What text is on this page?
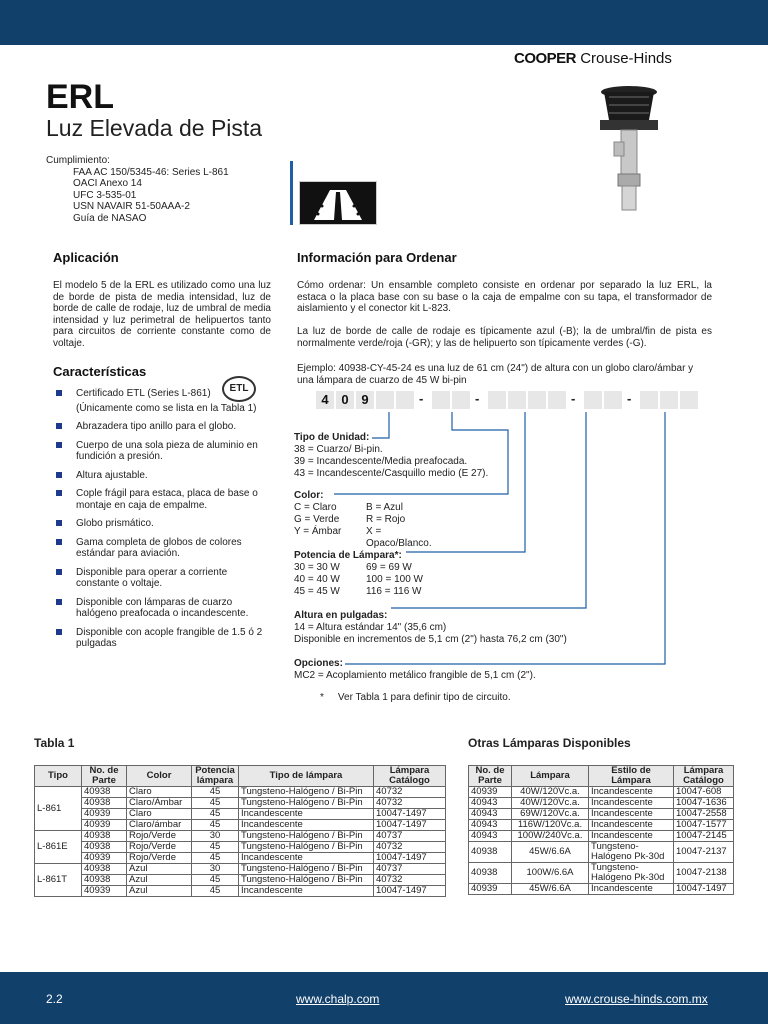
COOPER Crouse-Hinds
ERL
Luz Elevada de Pista
Cumplimiento:
FAA AC 150/5345-46: Series L-861
OACI Anexo 14
UFC 3-535-01
USN NAVAIR 51-50AAA-2
Guía de NASAO
Aplicación
El modelo 5 de la ERL es utilizado como una luz de borde de pista de media intensidad, luz de borde de calle de rodaje, luz de umbral de media intensidad y luz perimetral de helipuertos tanto para circuitos de corriente constante como de voltaje.
Características
ETL
Certificado ETL (Series L-861)
(Únicamente como se lista en la Tabla 1)
Abrazadera tipo anillo para el globo.
Cuerpo de una sola pieza de aluminio en fundición a presión.
Altura ajustable.
Cople frágil para estaca, placa de base o montaje en caja de empalme.
Globo prismático.
Gama completa de globos de colores estándar para aviación.
Disponible para operar a corriente constante o voltaje.
Disponible con lámparas de cuarzo halógeno preafocada o incandescente.
Disponible con acople frangible de 1.5 ó 2 pulgadas
Información para Ordenar
Cómo ordenar: Un ensamble completo consiste en ordenar por separado la luz ERL, la estaca o la placa base con su base o la caja de empalme con su tapa, el transformador de aislamiento y el conector kit L-823.
La luz de borde de calle de rodaje es típicamente azul (-B); la de umbral/fin de pista es normalmente verde/roja (-GR); y las de helipuerto son típicamente verdes (-G).
Ejemplo: 40938-CY-45-24 es una luz de 61 cm (24") de altura con un globo claro/ámbar y una lámpara de cuarzo de 45 W bi-pin
4 0 9	-	-	-	-
Tipo de Unidad:
38 = Cuarzo/ Bi-pin.
39 = Incandescente/Media preafocada.
43 = Incandescente/Casquillo medio (E 27).
Color:
C = Claro
G = Verde
Y = Ámbar
B = Azul
R = Rojo
X = Opaco/Blanco.
Potencia de Lámpara*:
30 = 30 W
40 = 40 W
45 = 45 W
69 = 69 W
100 = 100 W
116 = 116 W
Altura en pulgadas:
14 = Altura estándar 14" (35,6 cm)
Disponible en incrementos de 5,1 cm (2") hasta 76,2 cm (30")
Opciones:
MC2 = Acoplamiento metálico frangible de 5,1 cm (2").
* Ver Tabla 1 para definir tipo de circuito.
Tabla 1	Otras Lámparas Disponibles
Tipo	No. de Parte	Color	Potencia lámpara	Tipo de lámpara	Lámpara Catálogo
L-861	40938	Claro	45	Tungsteno-Halógeno / Bi-Pin	40732
	40938	Claro/Ámbar	45	Tungsteno-Halógeno / Bi-Pin	40732
	40939	Claro	45	Incandescente	10047-1497
	40939	Claro/ámbar	45	Incandescente	10047-1497
L-861E	40938	Rojo/Verde	30	Tungsteno-Halógeno / Bi-Pin	40737
	40938	Rojo/Verde	45	Tungsteno-Halógeno / Bi-Pin	40732
	40939	Rojo/Verde	45	Incandescente	10047-1497
L-861T	40938	Azul	30	Tungsteno-Halógeno / Bi-Pin	40737
	40938	Azul	45	Tungsteno-Halógeno / Bi-Pin	40732
	40939	Azul	45	Incandescente	10047-1497
No. de Parte	Lámpara	Estilo de Lámpara	Lámpara Catálogo
40939	40W/120Vc.a.	Incandescente	10047-608
40943	40W/120Vc.a.	Incandescente	10047-1636
40943	69W/120Vc.a.	Incandescente	10047-2558
40943	116W/120Vc.a.	Incandescente	10047-1577
40943	100W/240Vc.a.	Incandescente	10047-2145
40938	45W/6.6A	Tungsteno-Halógeno Pk-30d	10047-2137
40938	100W/6.6A	Tungsteno-Halógeno Pk-30d	10047-2138
40939	45W/6.6A	Incandescente	10047-1497
2.2	www.chalp.com	www.crouse-hinds.com.mx
